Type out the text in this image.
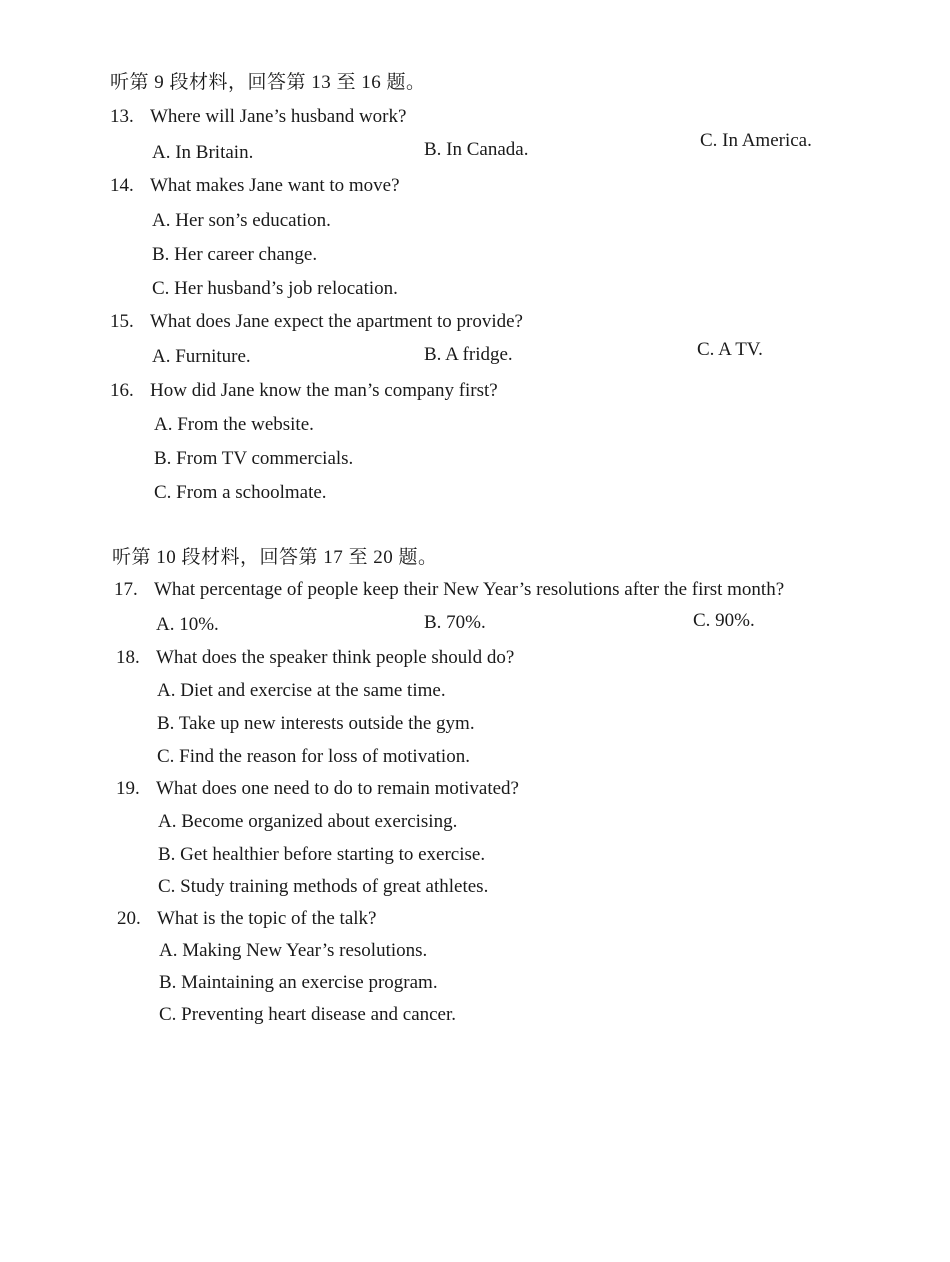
听第 9 段材料，回答第 13 至 16 题。
13. Where will Jane’s husband work?
A. In Britain.	B. In Canada.	C. In America.
14. What makes Jane want to move?
A. Her son’s education.
B. Her career change.
C. Her husband’s job relocation.
15. What does Jane expect the apartment to provide?
A. Furniture.	B. A fridge.	C. A TV.
16. How did Jane know the man’s company first?
A. From the website.
B. From TV commercials.
C. From a schoolmate.
听第 10 段材料，回答第 17 至 20 题。
17. What percentage of people keep their New Year’s resolutions after the first month?
A. 10%.	B. 70%.	C. 90%.
18. What does the speaker think people should do?
A. Diet and exercise at the same time.
B. Take up new interests outside the gym.
C. Find the reason for loss of motivation.
19. What does one need to do to remain motivated?
A. Become organized about exercising.
B. Get healthier before starting to exercise.
C. Study training methods of great athletes.
20. What is the topic of the talk?
A. Making New Year’s resolutions.
B. Maintaining an exercise program.
C. Preventing heart disease and cancer.
